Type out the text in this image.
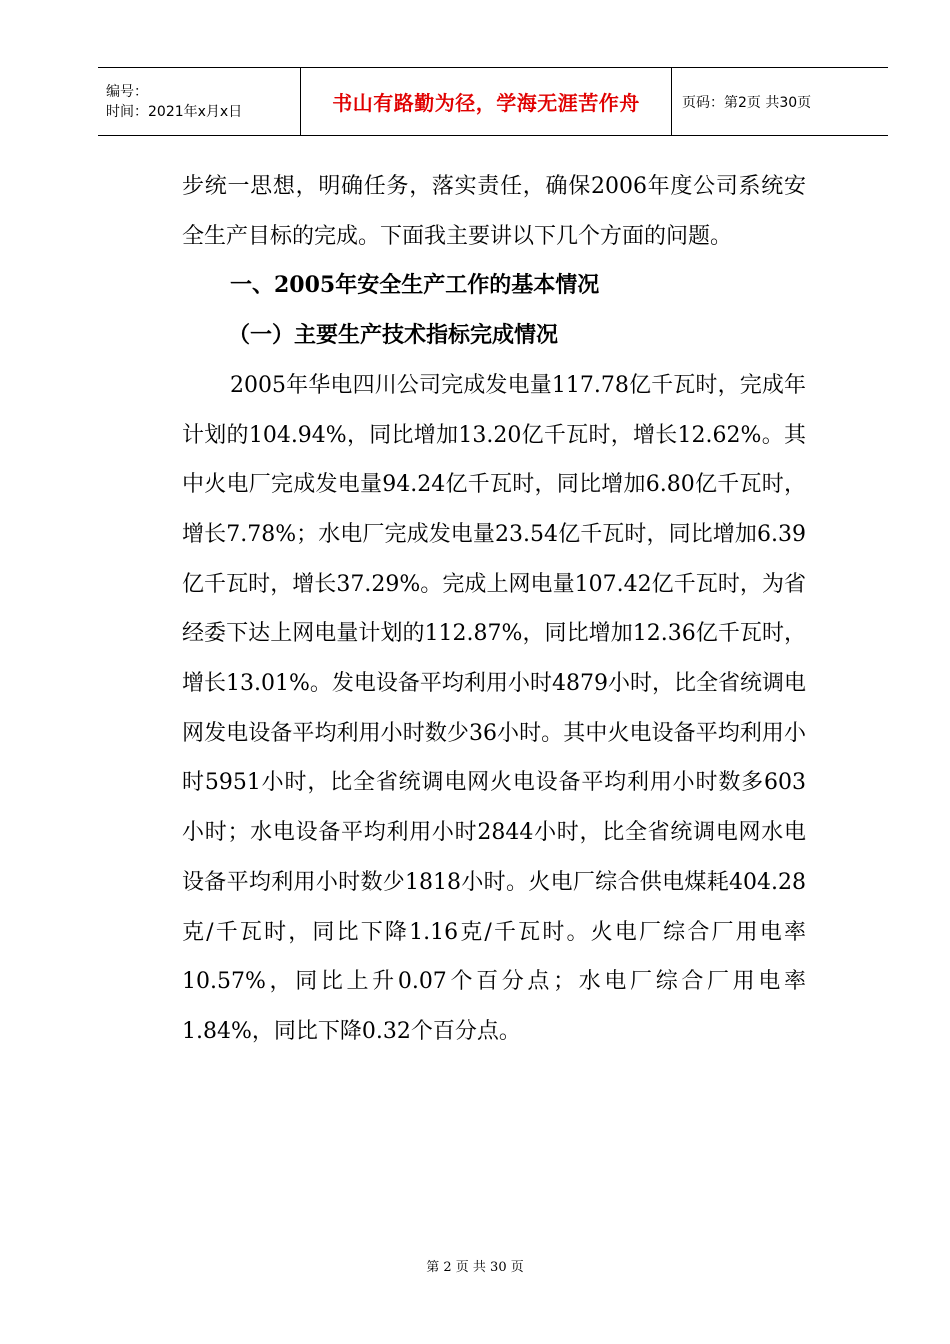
编号：
时间：2021年x月x日	书山有路勤为径，学海无涯苦作舟	页码：第2页 共30页

步统一思想，明确任务，落实责任，确保2006年度公司系统安全生产目标的完成。下面我主要讲以下几个方面的问题。

一、2005年安全生产工作的基本情况

（一）主要生产技术指标完成情况

2005年华电四川公司完成发电量117.78亿千瓦时，完成年计划的104.94%，同比增加13.20亿千瓦时，增长12.62%。其中火电厂完成发电量94.24亿千瓦时，同比增加6.80亿千瓦时，增长7.78%；水电厂完成发电量23.54亿千瓦时，同比增加6.39亿千瓦时，增长37.29%。完成上网电量107.42亿千瓦时，为省经委下达上网电量计划的112.87%，同比增加12.36亿千瓦时，增长13.01%。发电设备平均利用小时4879小时，比全省统调电网发电设备平均利用小时数少36小时。其中火电设备平均利用小时5951小时，比全省统调电网火电设备平均利用小时数多603小时；水电设备平均利用小时2844小时，比全省统调电网水电设备平均利用小时数少1818小时。火电厂综合供电煤耗404.28克/千瓦时，同比下降1.16克/千瓦时。火电厂综合厂用电率10.57%，同比上升0.07个百分点；水电厂综合厂用电率1.84%，同比下降0.32个百分点。

第 2 页 共 30 页
